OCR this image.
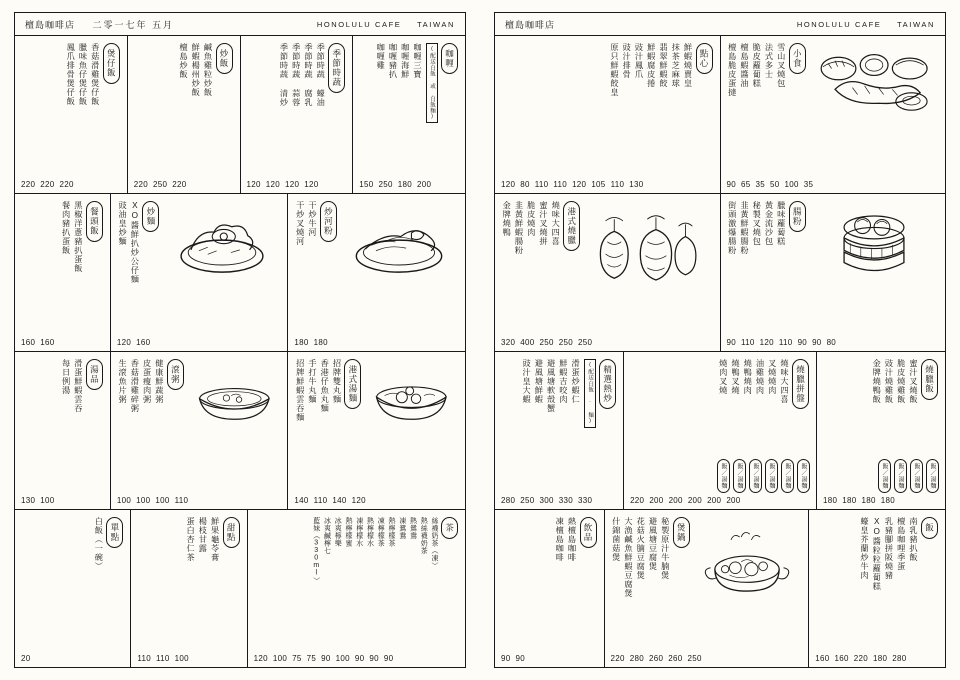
檀島咖啡店 二零一七年 五月	HONOLULU CAFE TAIWAN
煲仔飯
香菇滑雞煲仔飯
臘味魚仔煲仔飯
鳳爪排骨煲仔飯
220 220 220
炒飯
鹹魚雞粒炒飯
鮮蝦楊州炒飯
檀島炒飯
220 250 220
季節時蔬
季節時蔬 蠔油
季節時蔬 腐乳
季節時蔬 蒜蓉
季節時蔬 清炒
120 120 120 120
咖喱
(配送白飯 或 白飯麵)
咖喱三寶
咖喱海鮮
咖喱豬扒
咖喱雞
150 250 180 200
餐頭飯
黑椒洋蔥豬扒蛋飯
餐肉豬扒蛋飯
160 160
炒麵
XO醬鮮扒炒公仔麵
豉油皇炒麵
120 160
炒河粉
干炒牛河
干炒叉燒河
180 180
湯品
滑蛋鮮蝦雲吞
每日例湯
130 100
滾粥
健康鮮蔬粥
皮蛋瘦肉粥
香菇滑雞碎粥
生滾魚片粥
100 100 100 110
港式湯麵
招牌雙丸麵
香港仔魚丸麵
手打牛丸麵
招牌鮮蝦雲吞麵
140 110 140 120
單點
白飯（一碗）
20
甜點
鮮果龜苓膏
楊枝甘露
蛋白杏仁茶
110 110 100
茶
絲襪奶茶（凍）
熱絲襪奶茶
熱鴛鴦
凍鴛鴦
熱檸檬茶
凍檸檬茶
熱檸檬水
凍檸檬水
熱檸檬蜜
冰爽檸樂
冰爽鹹檸七
藍妹（330ml）
120 100 75 75 90 100 90 90 90
檀島咖啡店	HONOLULU CAFE TAIWAN
點心
鮮蝦燒賣皇
抹茶芝麻球
翡翠鮮蝦餃
鮮蝦腐皮捲
豉汁鳳爪
豉汁排骨
原只鮮蝦餃皇
120 80 110 110 120 105 110 130
小食
雪山叉燒包
法式多士
脆皮蘿蔔糕
檀島蝦醬油
檀島脆皮蛋撻
90 65 35 50 100 35
港式燒臘
燒味大四喜
蜜汁叉燒拼
脆皮燒肉
韭黃鮮蝦腸粉
金牌燒鴨
320 400 250 250 250
腸粉
臘味蘿蔔糕
黃金流沙包
秘製叉燒包
韭黃鮮蝦腸粉
街頭激爆腸粉
90 110 120 110 90 90 80
精選熱炒
(配送白飯 · 麵)
滑蛋炒蝦仁
鮮蝦吉咬肉
避風塘軟殼蟹
避風塘鮮蝦
豉汁皇大蝦
280 250 300 330 330
燒臘拼盤
燒味大四喜
叉燒燒肉
油雞燒肉
燒鴨燒肉
燒鴨叉燒
燒肉叉燒
飯／湯麵
飯／湯麵
飯／湯麵
飯／湯麵
飯／湯麵
飯／湯麵
220 200 200 200 200 200
燒臘飯
蜜汁叉燒飯
脆皮燒雞飯
豉汁燒雞飯
金牌燒鴨飯
飯／湯麵
飯／湯麵
飯／湯麵
飯／湯麵
180 180 180 180
飲品
熱檀島咖啡
凍檀島咖啡
90 90
煲鍋
秘製原汁牛腩煲
避風塘豆腐煲
花菇火腩豆腐煲
大漁鹹魚鮮蝦豆腐煲
什錦菌菇煲
220 280 260 260 250
飯
南乳豬扒飯
檀島咖哩季蛋
乳豬腳拼阪燒豬
XO醬粒粒蘿蔔糕
蠔皇芥蘭炒牛肉
160 160 220 180 280
